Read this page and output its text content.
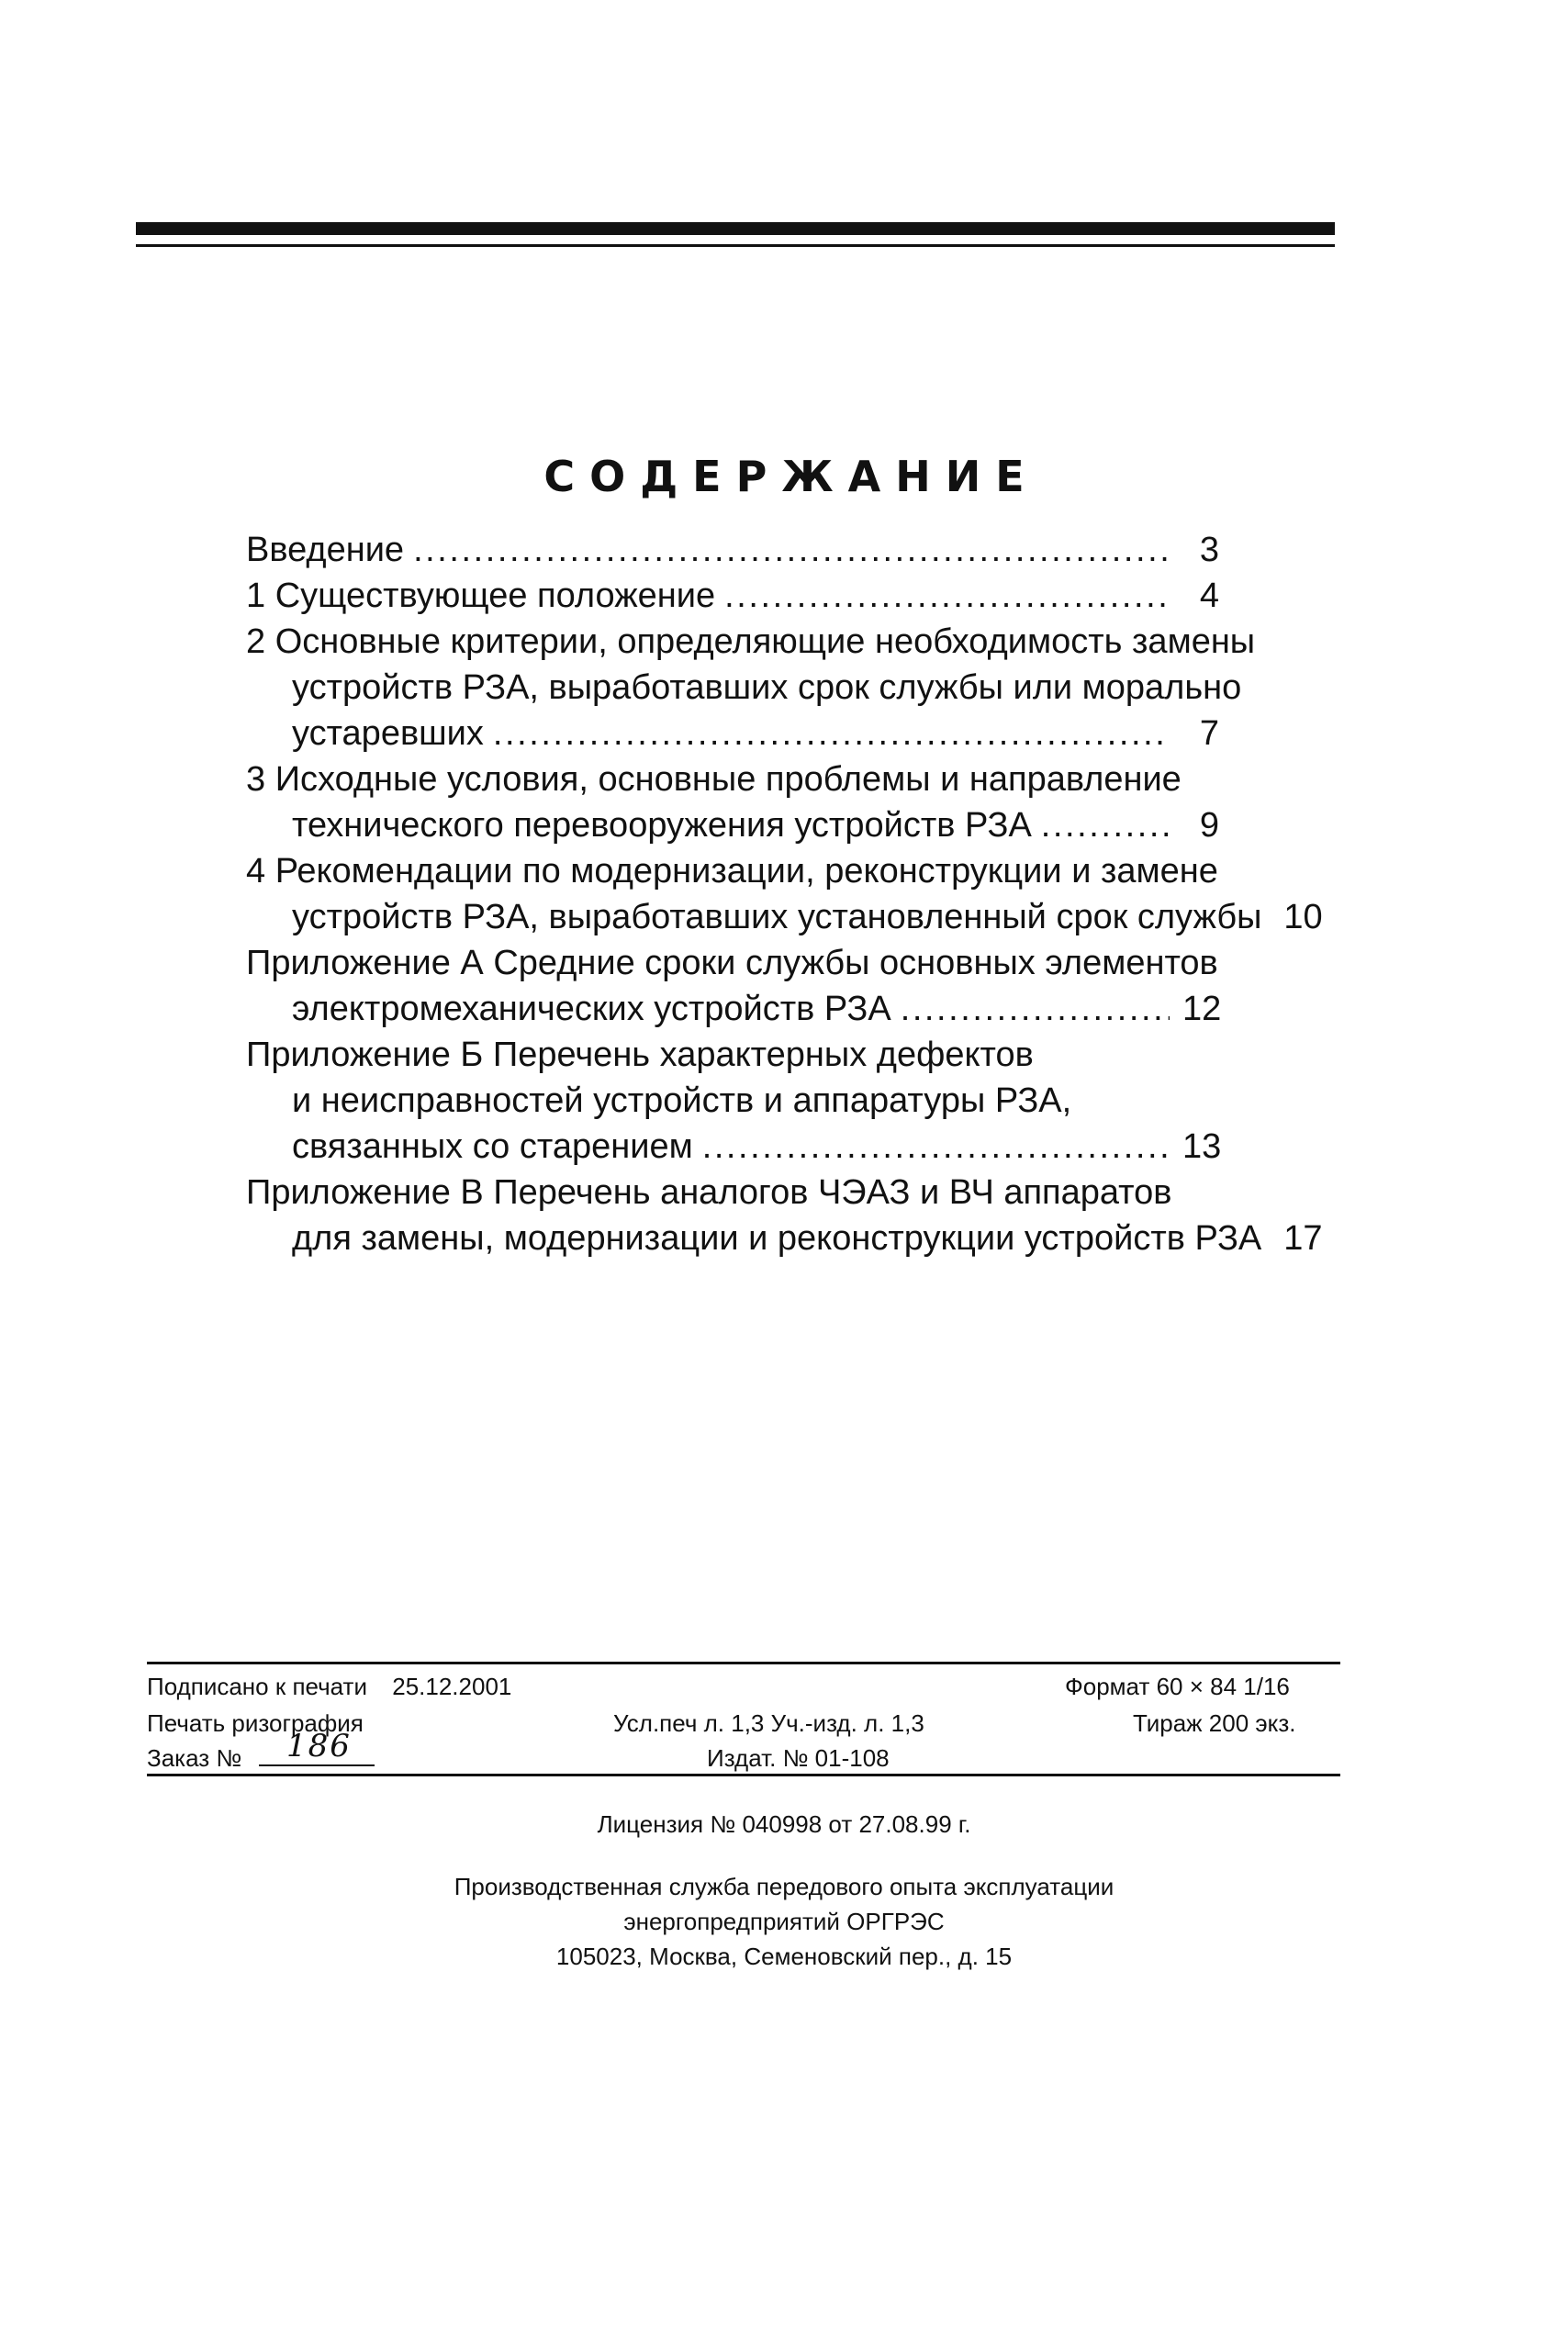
СОДЕРЖАНИЕ
Введение . . .	3
1 Существующее положение . . .	4
2 Основные критерии, определяющие необходимость замены
устройств РЗА, выработавших срок службы или морально
устаревших . . .	7
3 Исходные условия, основные проблемы и направление
технического перевооружения устройств РЗА . . .	9
4 Рекомендации по модернизации, реконструкции и замене
устройств РЗА, выработавших установленный срок службы 10
Приложение А Средние сроки службы основных элементов
электромеханических устройств РЗА . . .	12
Приложение Б Перечень характерных дефектов
и неисправностей устройств и аппаратуры РЗА,
связанных со старением . . .	13
Приложение В Перечень аналогов ЧЭАЗ и ВЧ аппаратов
для замены, модернизации и реконструкции устройств РЗА 17
Подписано к печати 25.12.2001	Формат 60 × 84 1/16
Печать ризография	Усл.печ л. 1,3 Уч.-изд. л. 1,3	Тираж 200 экз.
Заказ № 186	Издат. № 01-108
Лицензия № 040998 от 27.08.99 г.
Производственная служба передового опыта эксплуатации
энергопредприятий ОРГРЭС
105023, Москва, Семеновский пер., д. 15
